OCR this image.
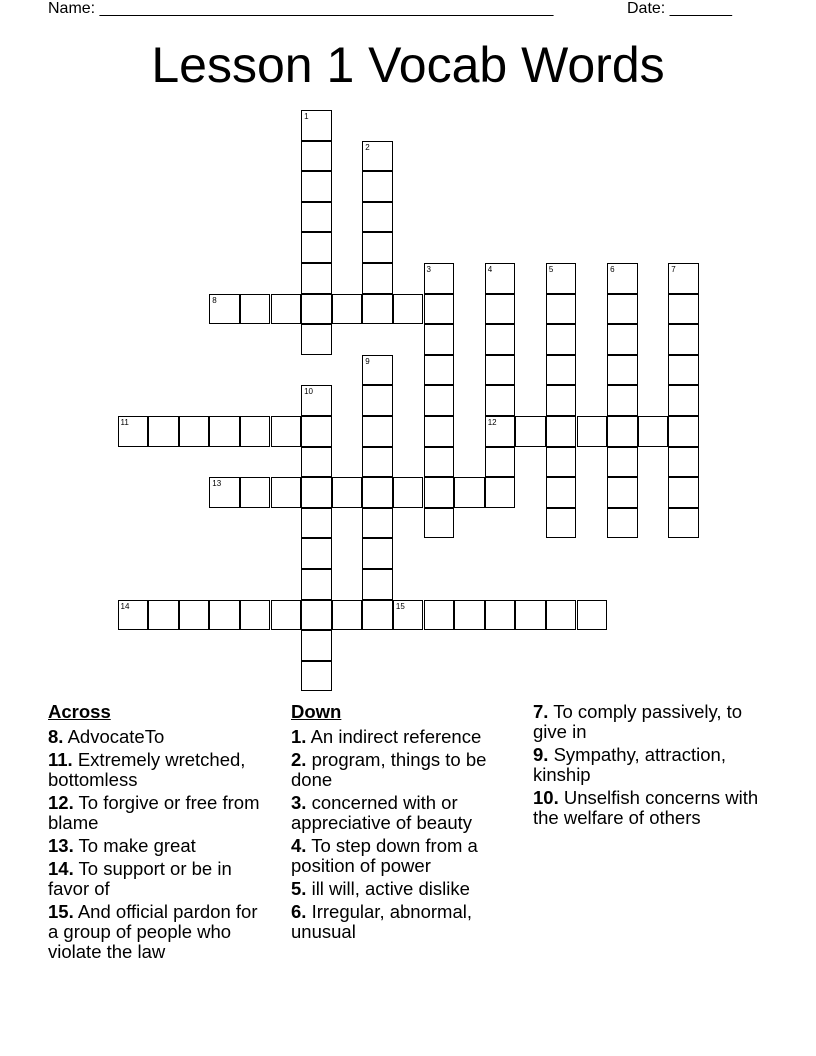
Name: ___________________________________________________	Date: _______
Lesson 1 Vocab Words
1
2
3	4
12
5	6	7
8
9
10
11
13
14	15
Across
8. AdvocateTo
11. Extremely wretched, bottomless
12. To forgive or free from blame
13. To make great
14. To support or be in favor of
15. And official pardon for a group of people who violate the law
Down
1. An indirect reference
2. program, things to be done
3. concerned with or appreciative of beauty
4. To step down from a position of power
5. ill will, active dislike
6. Irregular, abnormal, unusual
7. To comply passively, to give in
9. Sympathy, attraction, kinship
10. Unselfish concerns with the welfare of others
